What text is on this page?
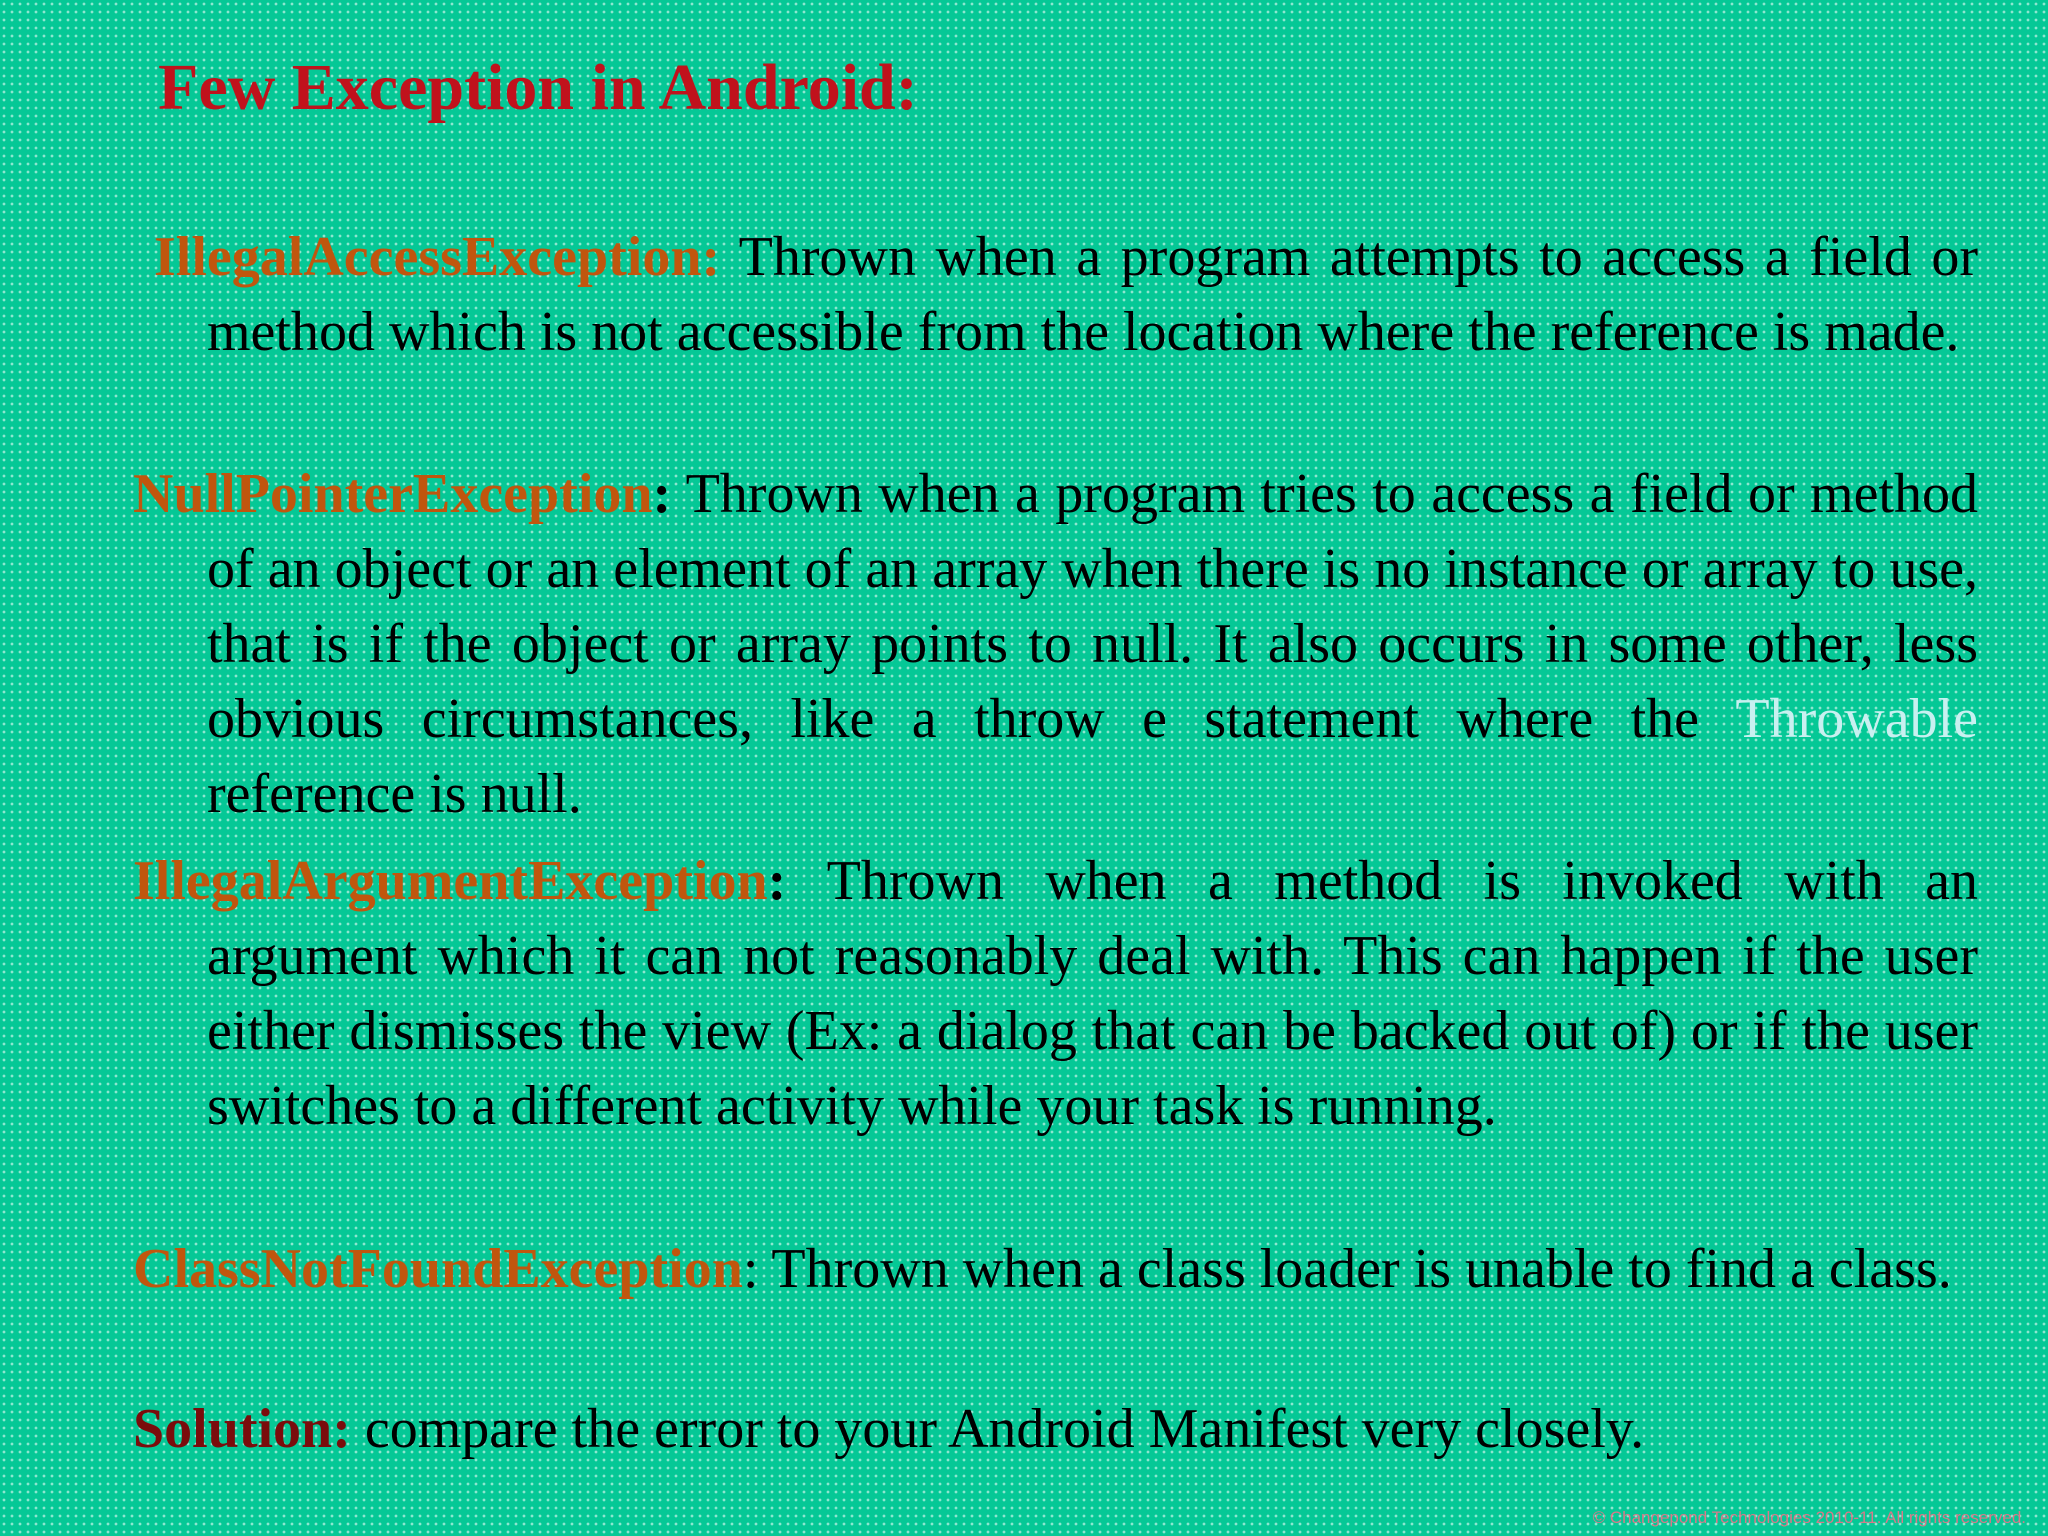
Few Exception in Android:

IllegalAccessException: Thrown when a program attempts to access a field or method which is not accessible from the location where the reference is made.

NullPointerException: Thrown when a program tries to access a field or method of an object or an element of an array when there is no instance or array to use, that is if the object or array points to null. It also occurs in some other, less obvious circumstances, like a throw e statement where the Throwable reference is null.

IllegalArgumentException: Thrown when a method is invoked with an argument which it can not reasonably deal with. This can happen if the user either dismisses the view (Ex: a dialog that can be backed out of) or if the user switches to a different activity while your task is running.

ClassNotFoundException: Thrown when a class loader is unable to find a class.

Solution: compare the error to your Android Manifest very closely.

© Changepond Technologies 2010-11. All rights reserved.
